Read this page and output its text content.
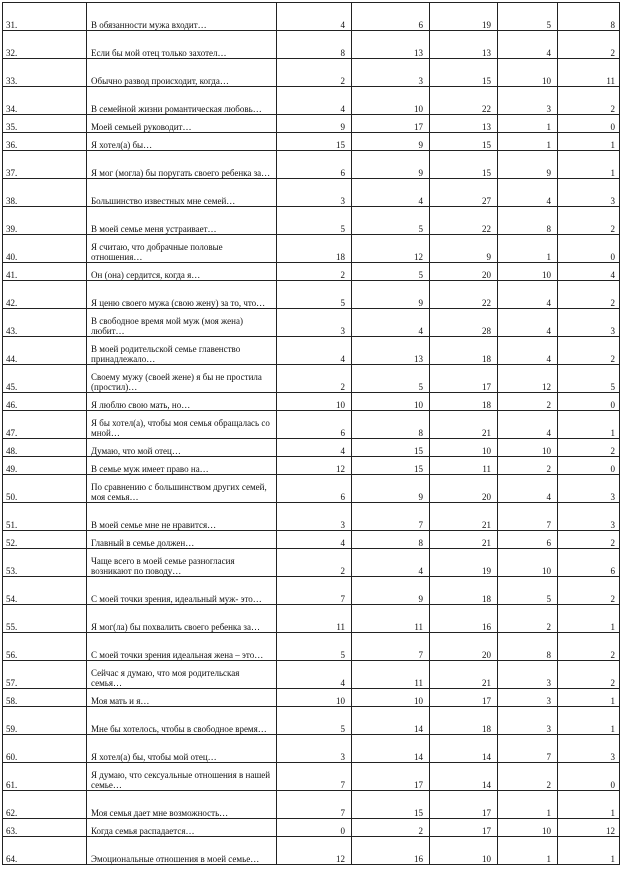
31.	В обязанности мужа входит…	4	6	19	5	8
32.	Если бы мой отец только захотел…	8	13	13	4	2
33.	Обычно развод происходит, когда…	2	3	15	10	11
34.	В семейной жизни романтическая любовь…	4	10	22	3	2
35.	Моей семьей руководит…	9	17	13	1	0
36.	Я хотел(а) бы…	15	9	15	1	1
37.	Я мог (могла) бы поругать своего ребенка за…	6	9	15	9	1
38.	Большинство известных мне семей…	3	4	27	4	3
39.	В моей семье меня устраивает…	5	5	22	8	2
40.	Я считаю, что добрачные половые отношения…	18	12	9	1	0
41.	Он (она) сердится, когда я…	2	5	20	10	4
42.	Я ценю своего мужа (свою жену) за то, что…	5	9	22	4	2
43.	В свободное время мой муж (моя жена) любит…	3	4	28	4	3
44.	В моей родительской семье главенство принадлежало…	4	13	18	4	2
45.	Своему мужу (своей жене) я бы не простила (простил)…	2	5	17	12	5
46.	Я люблю свою мать, но…	10	10	18	2	0
47.	Я бы хотел(а), чтобы моя семья обращалась со мной…	6	8	21	4	1
48.	Думаю, что мой отец…	4	15	10	10	2
49.	В семье муж имеет право на…	12	15	11	2	0
50.	По сравнению с большинством других семей, моя семья…	6	9	20	4	3
51.	В моей семье мне не нравится…	3	7	21	7	3
52.	Главный в семье должен…	4	8	21	6	2
53.	Чаще всего в моей семье разногласия возникают по поводу…	2	4	19	10	6
54.	С моей точки зрения, идеальный муж- это…	7	9	18	5	2
55.	Я мог(ла) бы похвалить своего ребенка за…	11	11	16	2	1
56.	С моей точки зрения идеальная жена – это…	5	7	20	8	2
57.	Сейчас я думаю, что моя родительская семья…	4	11	21	3	2
58.	Моя мать и я…	10	10	17	3	1
59.	Мне бы хотелось, чтобы в свободное время…	5	14	18	3	1
60.	Я хотел(а) бы, чтобы мой отец…	3	14	14	7	3
61.	Я думаю, что сексуальные отношения в нашей семье…	7	17	14	2	0
62.	Моя семья дает мне возможность…	7	15	17	1	1
63.	Когда семья распадается…	0	2	17	10	12
64.	Эмоциональные отношения в моей семье…	12	16	10	1	1
